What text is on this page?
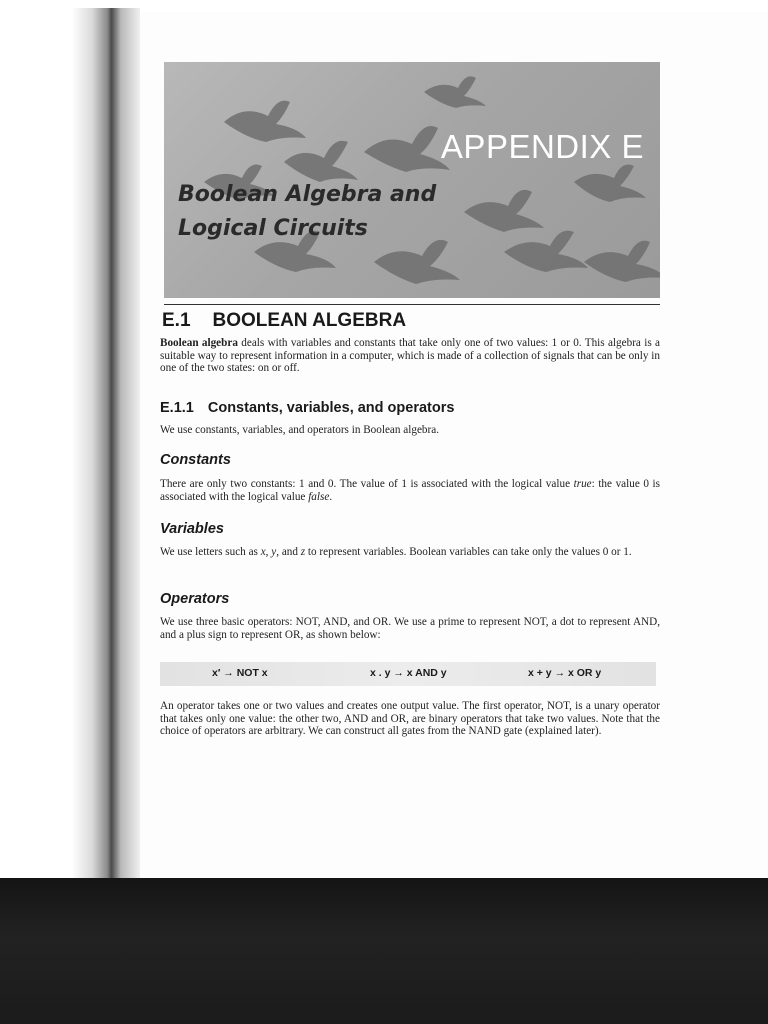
APPENDIX E
Boolean Algebra and
Logical Circuits
E.1 BOOLEAN ALGEBRA
Boolean algebra deals with variables and constants that take only one of two values: 1 or 0. This algebra is a suitable way to represent information in a computer, which is made of a collection of signals that can be only in one of the two states: on or off.
E.1.1 Constants, variables, and operators
We use constants, variables, and operators in Boolean algebra.
Constants
There are only two constants: 1 and 0. The value of 1 is associated with the logical value true: the value 0 is associated with the logical value false.
Variables
We use letters such as x, y, and z to represent variables. Boolean variables can take only the values 0 or 1.
Operators
We use three basic operators: NOT, AND, and OR. We use a prime to represent NOT, a dot to represent AND, and a plus sign to represent OR, as shown below:
x′ → NOT x	x . y → x AND y	x + y → x OR y
An operator takes one or two values and creates one output value. The first operator, NOT, is a unary operator that takes only one value: the other two, AND and OR, are binary operators that take two values. Note that the choice of operators are arbitrary. We can construct all gates from the NAND gate (explained later).
